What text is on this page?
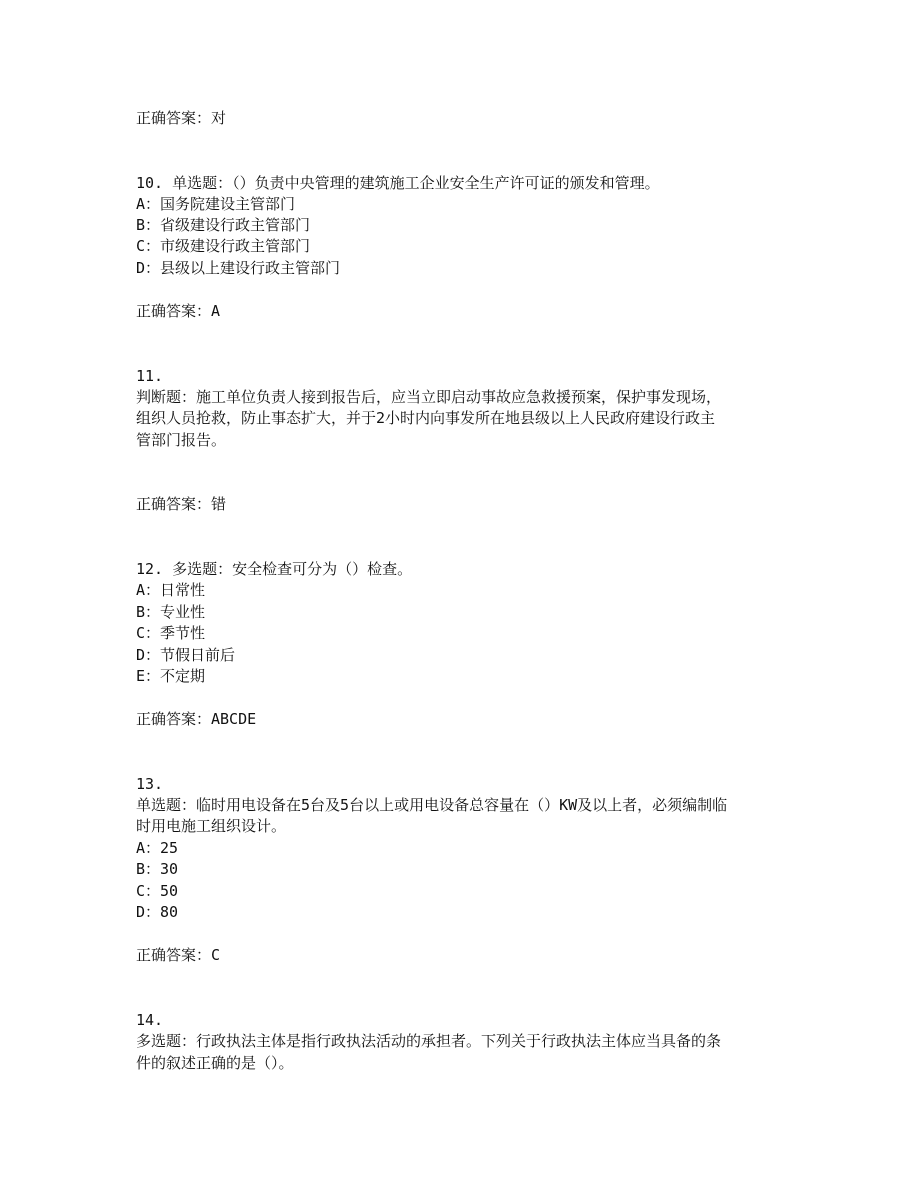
正确答案：对
10. 单选题：（）负责中央管理的建筑施工企业安全生产许可证的颁发和管理。
A：国务院建设主管部门
B：省级建设行政主管部门
C：市级建设行政主管部门
D：县级以上建设行政主管部门
正确答案：A
11.
判断题：施工单位负责人接到报告后，应当立即启动事故应急救援预案，保护事发现场，
组织人员抢救，防止事态扩大，并于2小时内向事发所在地县级以上人民政府建设行政主
管部门报告。
正确答案：错
12. 多选题：安全检查可分为（）检查。
A：日常性
B：专业性
C：季节性
D：节假日前后
E：不定期
正确答案：ABCDE
13.
单选题：临时用电设备在5台及5台以上或用电设备总容量在（）KW及以上者，必须编制临
时用电施工组织设计。
A：25
B：30
C：50
D：80
正确答案：C
14.
多选题：行政执法主体是指行政执法活动的承担者。下列关于行政执法主体应当具备的条
件的叙述正确的是（）。
